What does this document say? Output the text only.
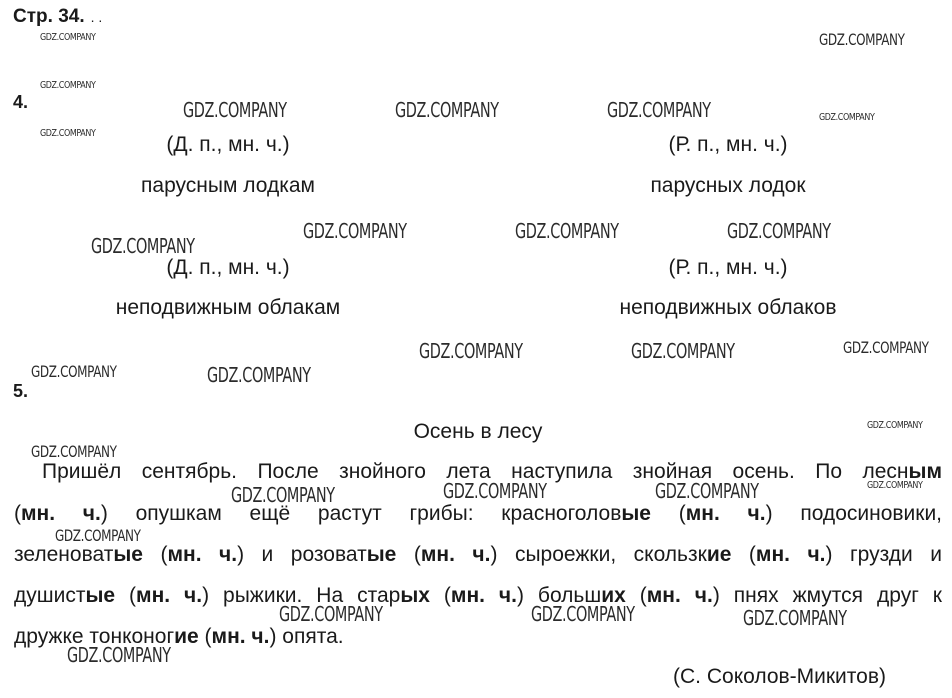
Стр. 34. . .
4.
(Д. п., мн. ч.)	(Р. п., мн. ч.)
парусным лодкам	парусных лодок
(Д. п., мн. ч.)	(Р. п., мн. ч.)
неподвижным облакам	неподвижных облаков
5.
Осень в лесу
Пришёл сентябрь. После знойного лета наступила знойная осень. По лесным
(мн. ч.) опушкам ещё растут грибы: красноголовые (мн. ч.) подосиновики,
зеленоватые (мн. ч.) и розоватые (мн. ч.) сыроежки, скользкие (мн. ч.) грузди и
душистые (мн. ч.) рыжики. На старых (мн. ч.) больших (мн. ч.) пнях жмутся друг к
дружке тонконогие (мн. ч.) опята.
(С. Соколов-Микитов)
GDZ.COMPANY	GDZ.COMPANY
GDZ.COMPANY
GDZ.COMPANY
GDZ.COMPANY	GDZ.COMPANY	GDZ.COMPANY	GDZ.COMPANY
GDZ.COMPANY
GDZ.COMPANY	GDZ.COMPANY	GDZ.COMPANY
GDZ.COMPANY	GDZ.COMPANY	GDZ.COMPANY
GDZ.COMPANY	GDZ.COMPANY
GDZ.COMPANY
GDZ.COMPANY
GDZ.COMPANY
GDZ.COMPANY	GDZ.COMPANY	GDZ.COMPANY
GDZ.COMPANY
GDZ.COMPANY	GDZ.COMPANY	GDZ.COMPANY
GDZ.COMPANY
